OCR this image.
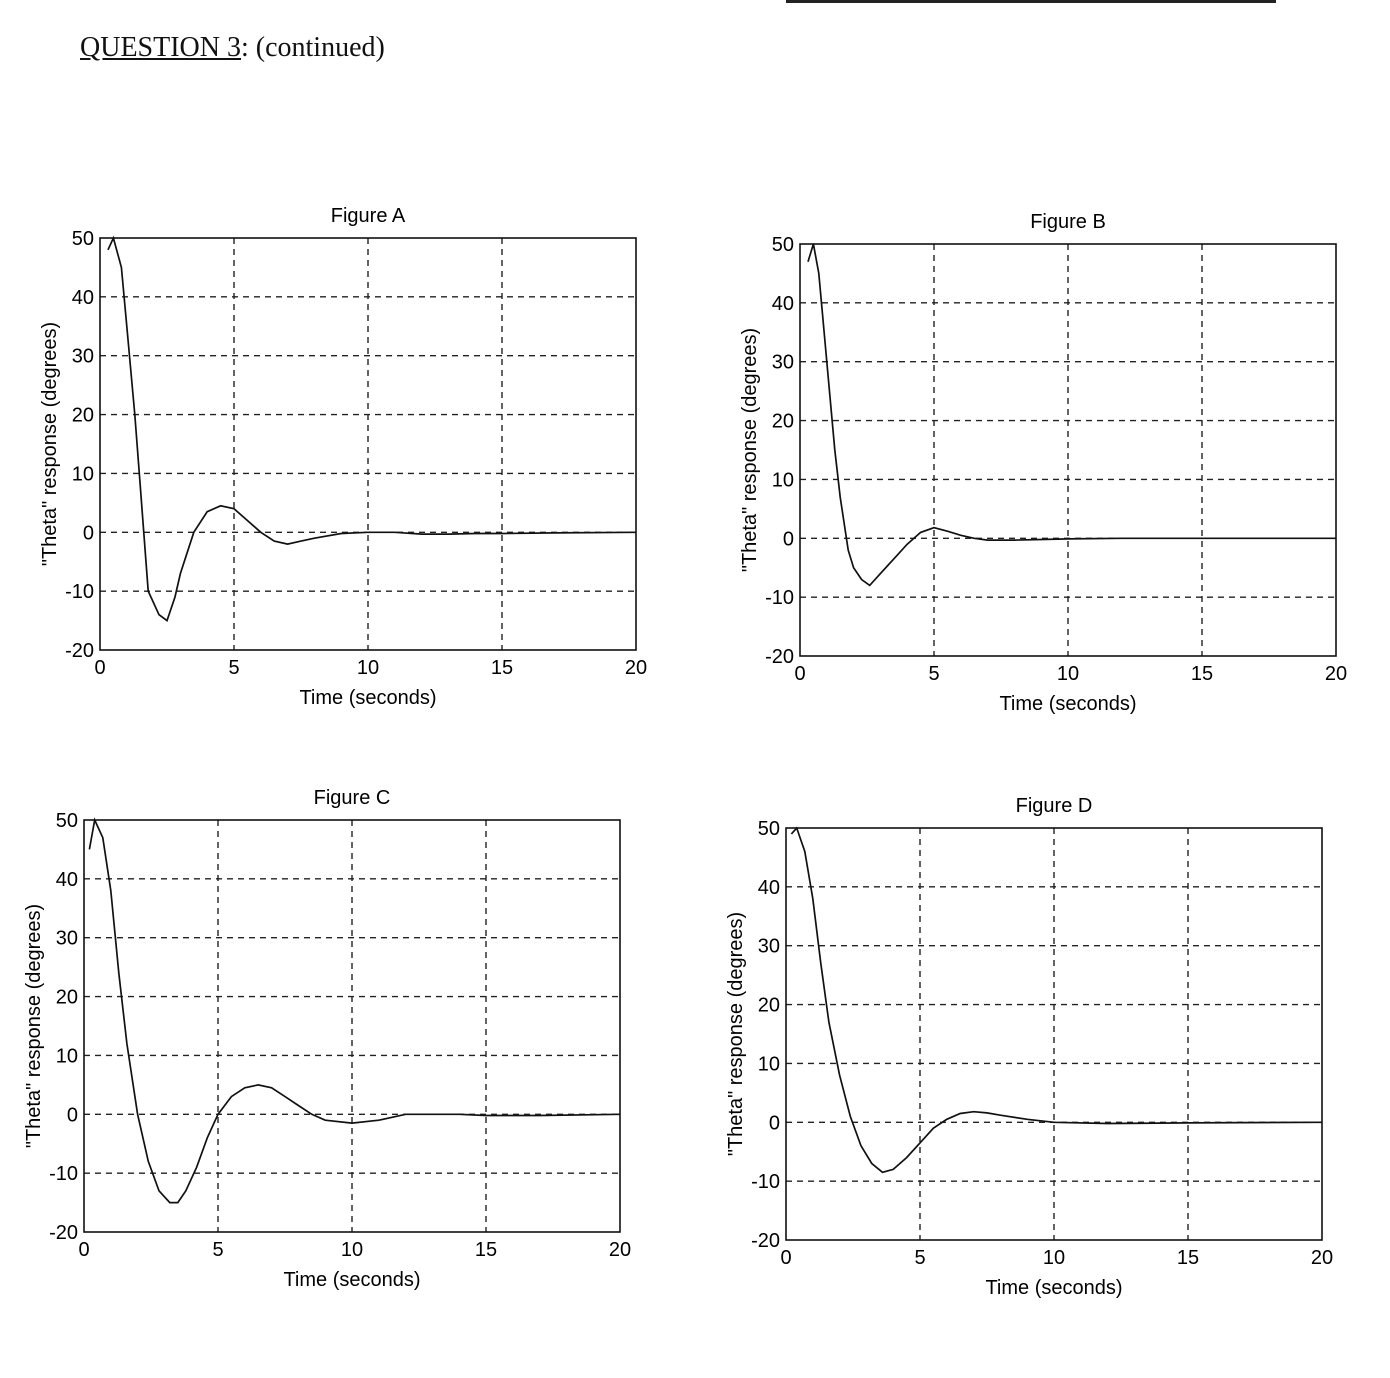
QUESTION 3: (continued)
Figure A
50
40
30
20
10
0
-10
-20
0	5	10	15	20
Time (seconds)
"Theta" response (degrees)
Figure B
50
40
30
20
10
0
-10
-20
0	5	10	15	20
Time (seconds)
"Theta" response (degrees)
Figure C
50
40
30
20
10
0
-10
-20
0	5	10	15	20
Time (seconds)
"Theta" response (degrees)
Figure D
50
40
30
20
10
0
-10
-20
0	5	10	15	20
Time (seconds)
"Theta" response (degrees)
